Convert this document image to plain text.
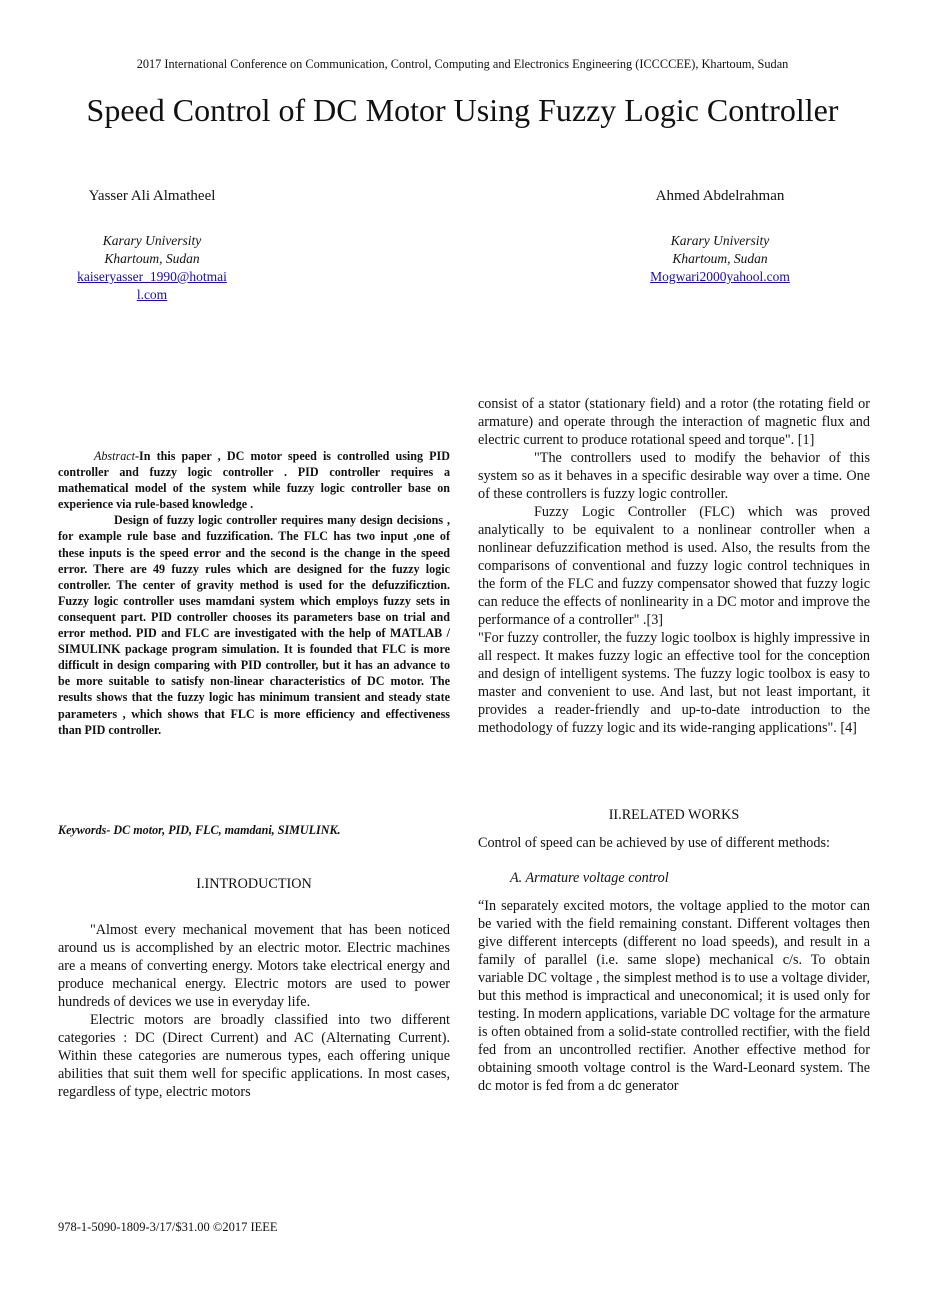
2017 International Conference on Communication, Control, Computing and Electronics Engineering (ICCCCEE), Khartoum, Sudan
Speed Control of DC Motor Using Fuzzy Logic Controller
Yasser Ali Almatheel
Karary University
Khartoum, Sudan
kaiseryasser_1990@hotmai
l.com
Ahmed Abdelrahman
Karary University
Khartoum, Sudan
Mogwari2000yahool.com

Abstract-In this paper , DC motor speed is controlled using PID controller and fuzzy logic controller . PID controller requires a mathematical model of the system while fuzzy logic controller base on experience via rule-based knowledge .

Design of fuzzy logic controller requires many design decisions , for example rule base and fuzzification. The FLC has two input ,one of these inputs is the speed error and the second is the change in the speed error. There are 49 fuzzy rules which are designed for the fuzzy logic controller. The center of gravity method is used for the defuzzificztion. Fuzzy logic controller uses mamdani system which employs fuzzy sets in consequent part. PID controller chooses its parameters base on trial and error method. PID and FLC are investigated with the help of MATLAB / SIMULINK package program simulation. It is founded that FLC is more difficult in design comparing with PID controller, but it has an advance to be more suitable to satisfy non-linear characteristics of DC motor. The results shows that the fuzzy logic has minimum transient and steady state parameters , which shows that FLC is more efficiency and effectiveness than PID controller.

Keywords- DC motor, PID, FLC, mamdani, SIMULINK.
I.INTRODUCTION

"Almost every mechanical movement that has been noticed around us is accomplished by an electric motor. Electric machines are a means of converting energy. Motors take electrical energy and produce mechanical energy. Electric motors are used to power hundreds of devices we use in everyday life.

Electric motors are broadly classified into two different categories : DC (Direct Current) and AC (Alternating Current). Within these categories are numerous types, each offering unique abilities that suit them well for specific applications. In most cases, regardless of type, electric motors

consist of a stator (stationary field) and a rotor (the rotating field or armature) and operate through the interaction of magnetic flux and electric current to produce rotational speed and torque". [1]

"The controllers used to modify the behavior of this system so as it behaves in a specific desirable way over a time. One of these controllers is fuzzy logic controller.

Fuzzy Logic Controller (FLC) which was proved analytically to be equivalent to a nonlinear controller when a nonlinear defuzzification method is used. Also, the results from the comparisons of conventional and fuzzy logic control techniques in the form of the FLC and fuzzy compensator showed that fuzzy logic can reduce the effects of nonlinearity in a DC motor and improve the performance of a controller" .[3]

"For fuzzy controller, the fuzzy logic toolbox is highly impressive in all respect. It makes fuzzy logic an effective tool for the conception and design of intelligent systems. The fuzzy logic toolbox is easy to master and convenient to use. And last, but not least important, it provides a reader-friendly and up-to-date introduction to the methodology of fuzzy logic and its wide-ranging applications". [4]

II.RELATED WORKS
Control of speed can be achieved by use of different methods:
A. Armature voltage control
“In separately excited motors, the voltage applied to the motor can be varied with the field remaining constant. Different voltages then give different intercepts (different no load speeds), and result in a family of parallel (i.e. same slope) mechanical c/s. To obtain variable DC voltage , the simplest method is to use a voltage divider, but this method is impractical and uneconomical; it is used only for testing. In modern applications, variable DC voltage for the armature is often obtained from a solid-state controlled rectifier, with the field fed from an uncontrolled rectifier. Another effective method for obtaining smooth voltage control is the Ward-Leonard system. The dc motor is fed from a dc generator
978-1-5090-1809-3/17/$31.00 ©2017 IEEE
